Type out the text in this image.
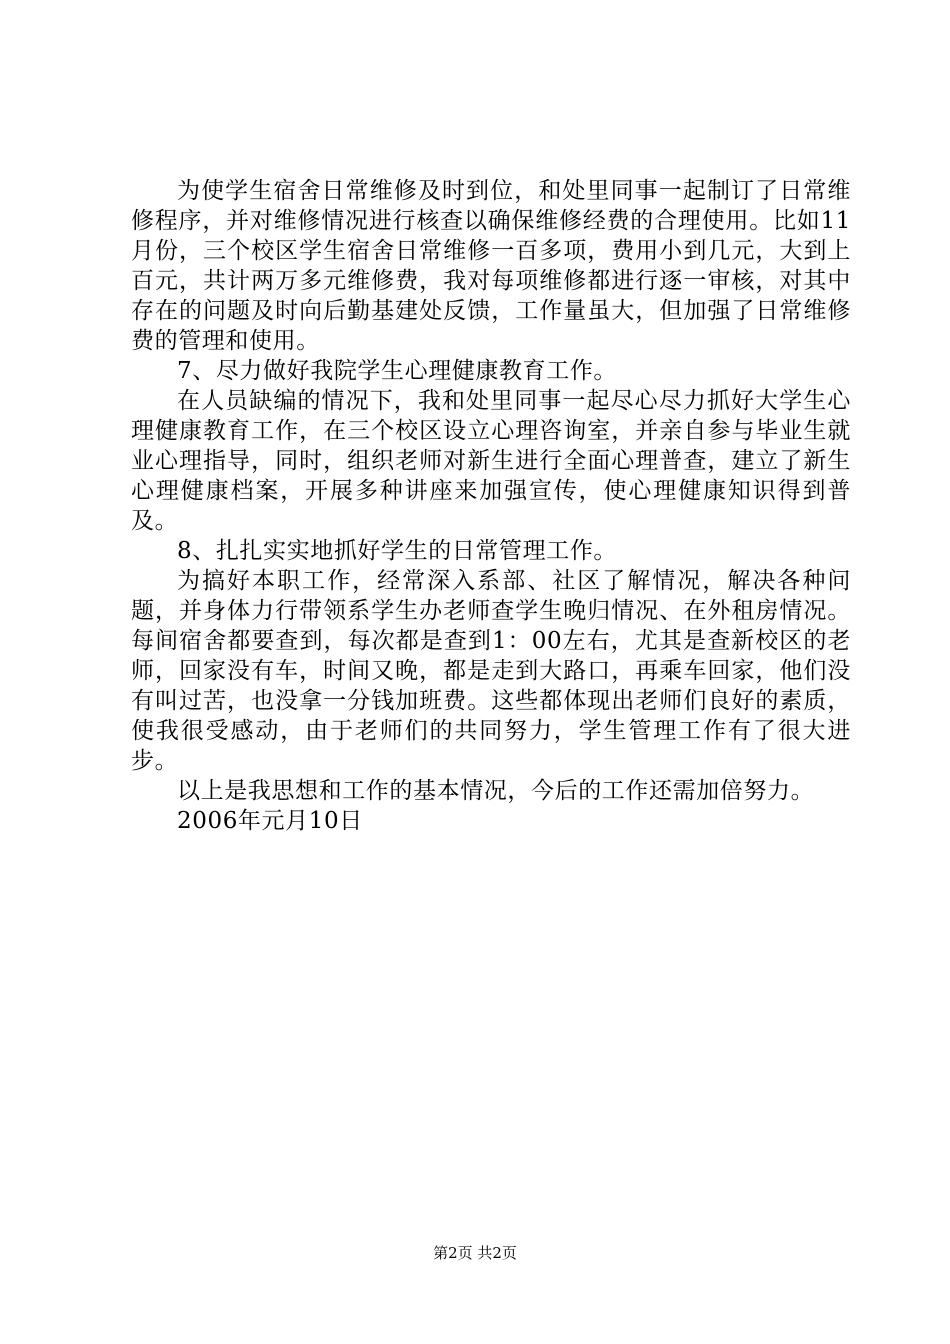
为使学生宿舍日常维修及时到位，和处里同事一起制订了日常维修程序，并对维修情况进行核查以确保维修经费的合理使用。比如11月份，三个校区学生宿舍日常维修一百多项，费用小到几元，大到上百元，共计两万多元维修费，我对每项维修都进行逐一审核，对其中存在的问题及时向后勤基建处反馈，工作量虽大，但加强了日常维修费的管理和使用。

7、尽力做好我院学生心理健康教育工作。

在人员缺编的情况下，我和处里同事一起尽心尽力抓好大学生心理健康教育工作，在三个校区设立心理咨询室，并亲自参与毕业生就业心理指导，同时，组织老师对新生进行全面心理普查，建立了新生心理健康档案，开展多种讲座来加强宣传，使心理健康知识得到普及。

8、扎扎实实地抓好学生的日常管理工作。

为搞好本职工作，经常深入系部、社区了解情况，解决各种问题，并身体力行带领系学生办老师查学生晚归情况、在外租房情况。每间宿舍都要查到，每次都是查到1：00左右，尤其是查新校区的老师，回家没有车，时间又晚，都是走到大路口，再乘车回家，他们没有叫过苦，也没拿一分钱加班费。这些都体现出老师们良好的素质，使我很受感动，由于老师们的共同努力，学生管理工作有了很大进步。

以上是我思想和工作的基本情况，今后的工作还需加倍努力。

2006年元月10日

第2页 共2页
